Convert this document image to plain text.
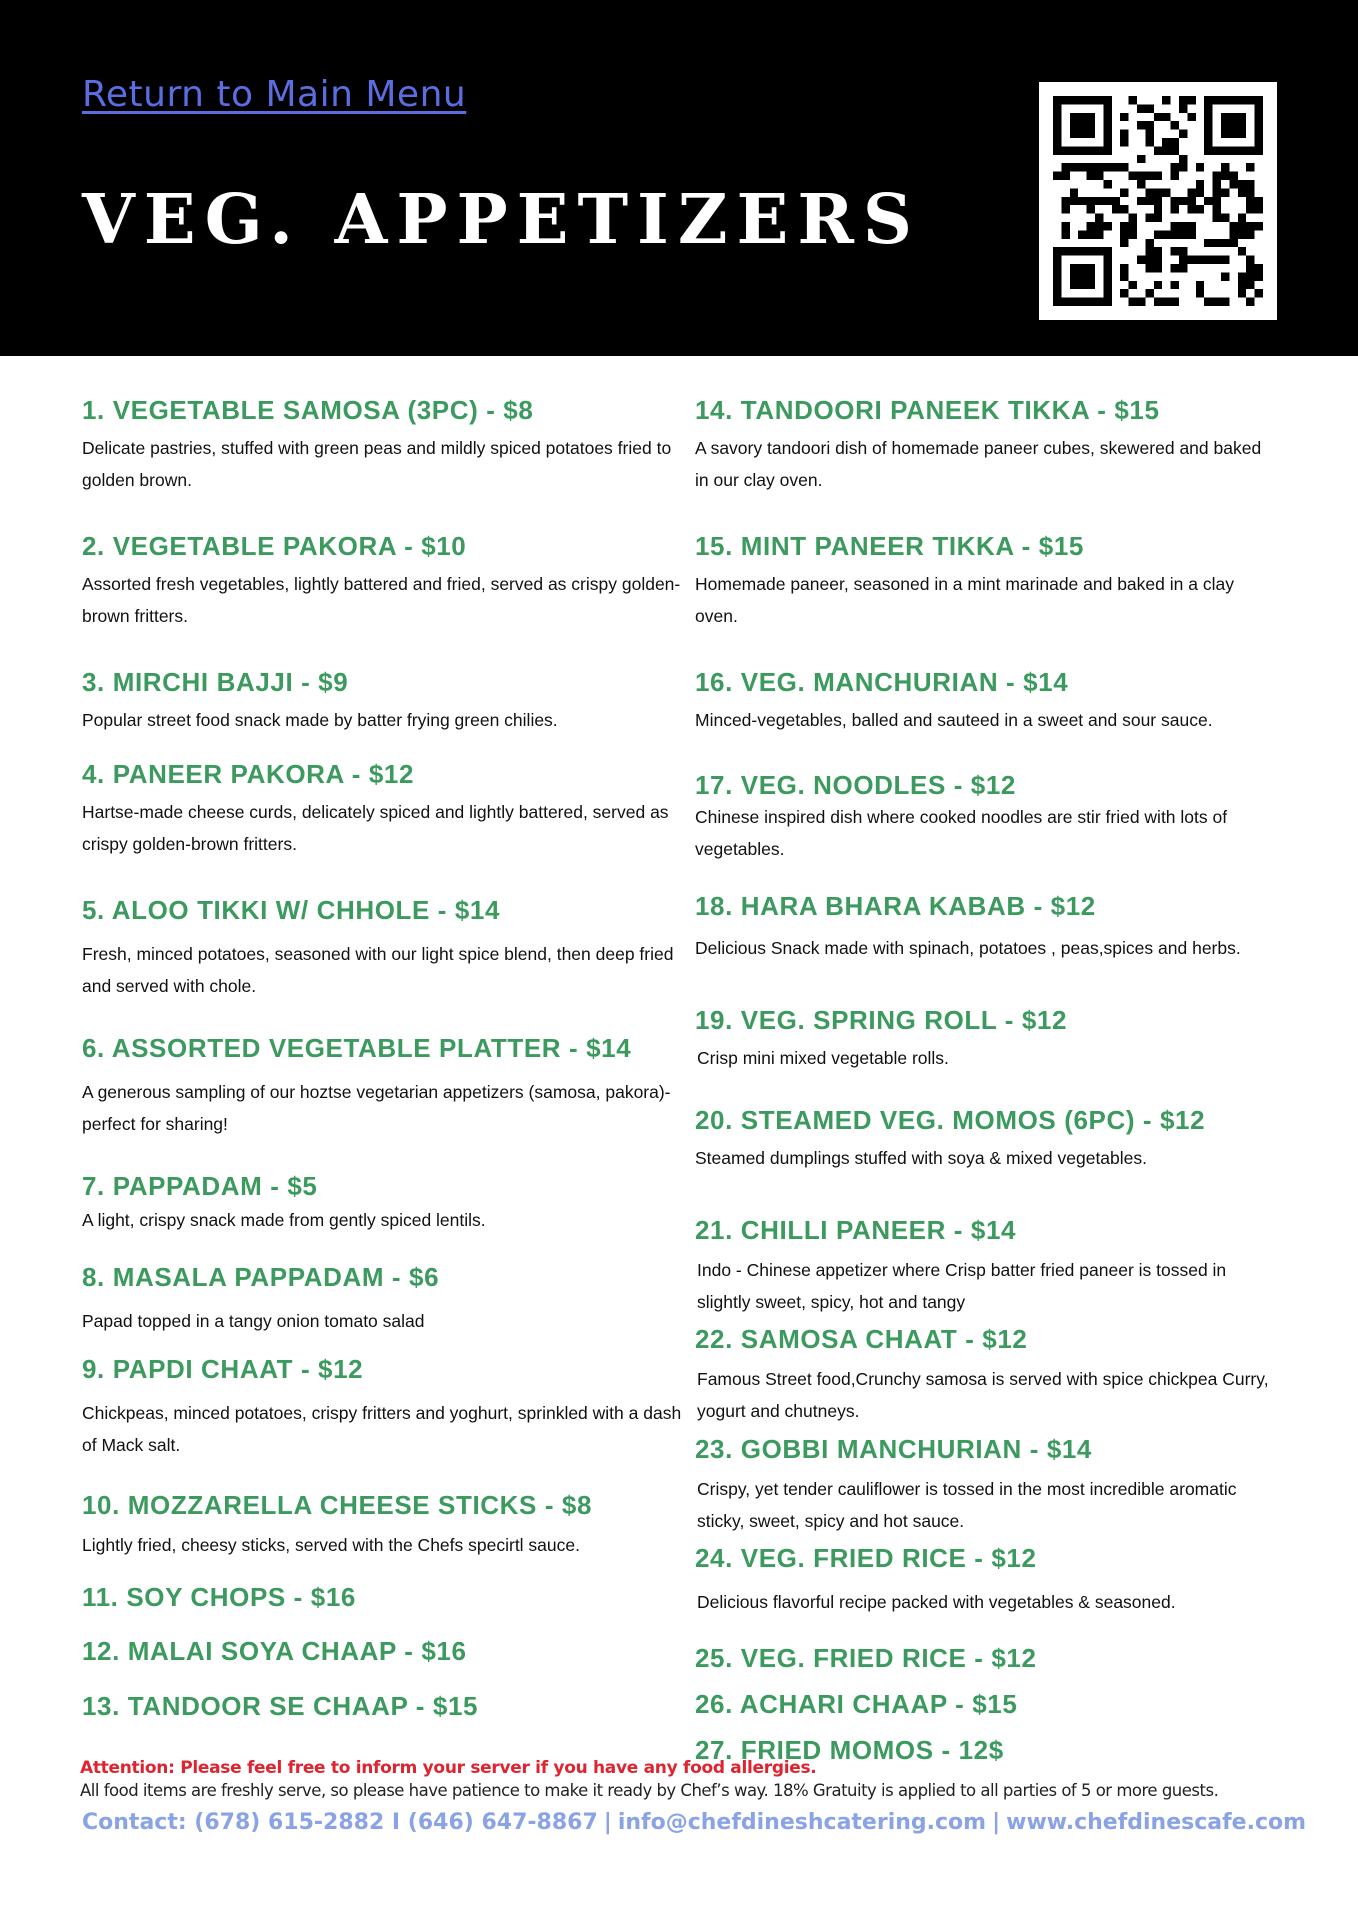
Return to Main Menu
VEG. APPETIZERS

1. VEGETABLE SAMOSA (3PC) - $8

Delicate pastries, stuffed with green peas and mildly spiced potatoes fried to golden brown.

2. VEGETABLE PAKORA - $10

Assorted fresh vegetables, lightly battered and fried, served as crispy golden-brown fritters.

3. MIRCHI BAJJI - $9

Popular street food snack made by batter frying green chilies.

4. PANEER PAKORA - $12

Hartse-made cheese curds, delicately spiced and lightly battered, served as crispy golden-brown fritters.

5. ALOO TIKKI W/ CHHOLE - $14

Fresh, minced potatoes, seasoned with our light spice blend, then deep fried and served with chole.

6. ASSORTED VEGETABLE PLATTER - $14

A generous sampling of our hoztse vegetarian appetizers (samosa, pakora)-perfect for sharing!

7. PAPPADAM - $5

A light, crispy snack made from gently spiced lentils.

8. MASALA PAPPADAM - $6

Papad topped in a tangy onion tomato salad

9. PAPDI CHAAT - $12

Chickpeas, minced potatoes, crispy fritters and yoghurt, sprinkled with a dash of Mack salt.

10. MOZZARELLA CHEESE STICKS - $8

Lightly fried, cheesy sticks, served with the Chefs specirtl sauce.

11. SOY CHOPS - $16

12. MALAI SOYA CHAAP - $16

13. TANDOOR SE CHAAP - $15

14. TANDOORI PANEEK TIKKA - $15

A savory tandoori dish of homemade paneer cubes, skewered and baked in our clay oven.

15. MINT PANEER TIKKA - $15

Homemade paneer, seasoned in a mint marinade and baked in a clay oven.

16. VEG. MANCHURIAN - $14

Minced-vegetables, balled and sauteed in a sweet and sour sauce.

17. VEG. NOODLES - $12

Chinese inspired dish where cooked noodles are stir fried with lots of vegetables.

18. HARA BHARA KABAB - $12

Delicious Snack made with spinach, potatoes , peas,spices and herbs.

19. VEG. SPRING ROLL - $12

Crisp mini mixed vegetable rolls.

20. STEAMED VEG. MOMOS (6PC) - $12

Steamed dumplings stuffed with soya & mixed vegetables.

21. CHILLI PANEER - $14

Indo - Chinese appetizer where Crisp batter fried paneer is tossed in slightly sweet, spicy, hot and tangy

22. SAMOSA CHAAT - $12

Famous Street food,Crunchy samosa is served with spice chickpea Curry, yogurt and chutneys.

23. GOBBI MANCHURIAN - $14

Crispy, yet tender cauliflower is tossed in the most incredible aromatic sticky, sweet, spicy and hot sauce.

24. VEG. FRIED RICE - $12

Delicious flavorful recipe packed with vegetables & seasoned.

25. VEG. FRIED RICE - $12

26. ACHARI CHAAP - $15

27. FRIED MOMOS - 12$

Attention: Please feel free to inform your server if you have any food allergies.
All food items are freshly serve, so please have patience to make it ready by Chef’s way. 18% Gratuity is applied to all parties of 5 or more guests.
Contact: (678) 615-2882 I (646) 647-8867 | info@chefdineshcatering.com | www.chefdinescafe.com
